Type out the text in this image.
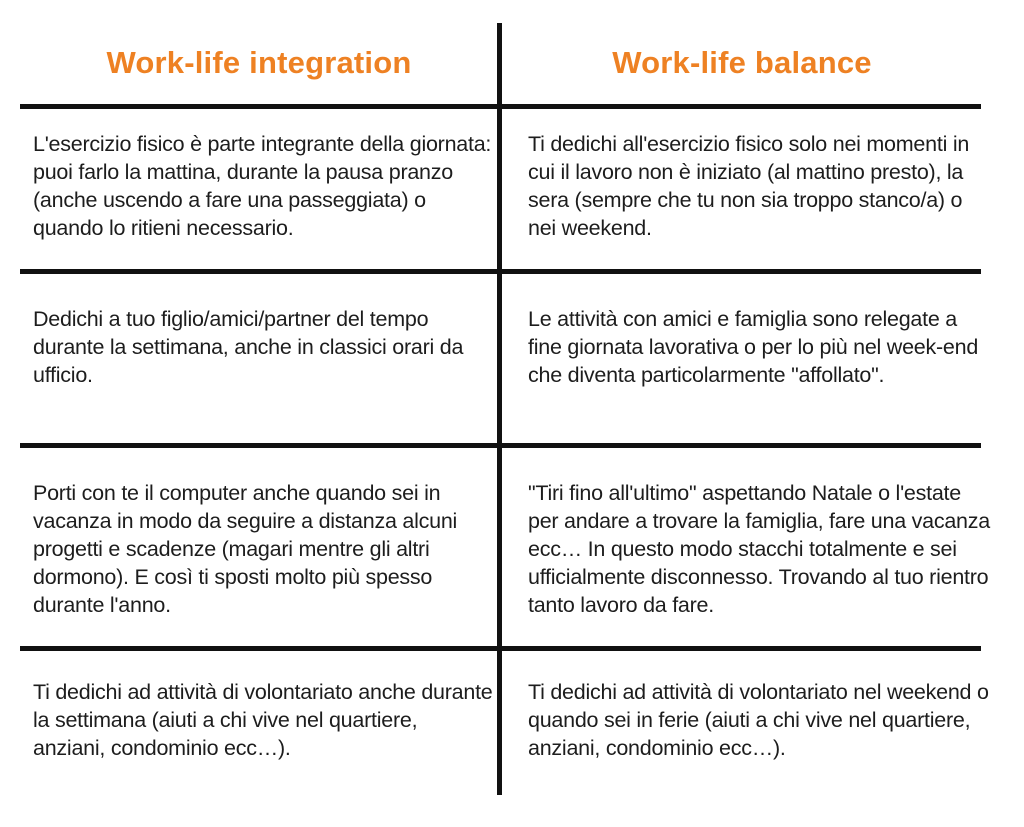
Work-life integration	Work-life balance
L'esercizio fisico è parte integrante della giornata: puoi farlo la mattina, durante la pausa pranzo (anche uscendo a fare una passeggiata) o quando lo ritieni necessario.
Ti dedichi all'esercizio fisico solo nei momenti in cui il lavoro non è iniziato (al mattino presto), la sera (sempre che tu non sia troppo stanco/a) o nei weekend.
Dedichi a tuo figlio/amici/partner del tempo durante la settimana, anche in classici orari da ufficio.
Le attività con amici e famiglia sono relegate a fine giornata lavorativa o per lo più nel week-end che diventa particolarmente "affollato".
Porti con te il computer anche quando sei in vacanza in modo da seguire a distanza alcuni progetti e scadenze (magari mentre gli altri dormono). E così ti sposti molto più spesso durante l'anno.
"Tiri fino all'ultimo" aspettando Natale o l'estate per andare a trovare la famiglia, fare una vacanza ecc… In questo modo stacchi totalmente e sei ufficialmente disconnesso. Trovando al tuo rientro tanto lavoro da fare.
Ti dedichi ad attività di volontariato anche durante la settimana (aiuti a chi vive nel quartiere, anziani, condominio ecc…).
Ti dedichi ad attività di volontariato nel weekend o quando sei in ferie (aiuti a chi vive nel quartiere, anziani, condominio ecc…).
